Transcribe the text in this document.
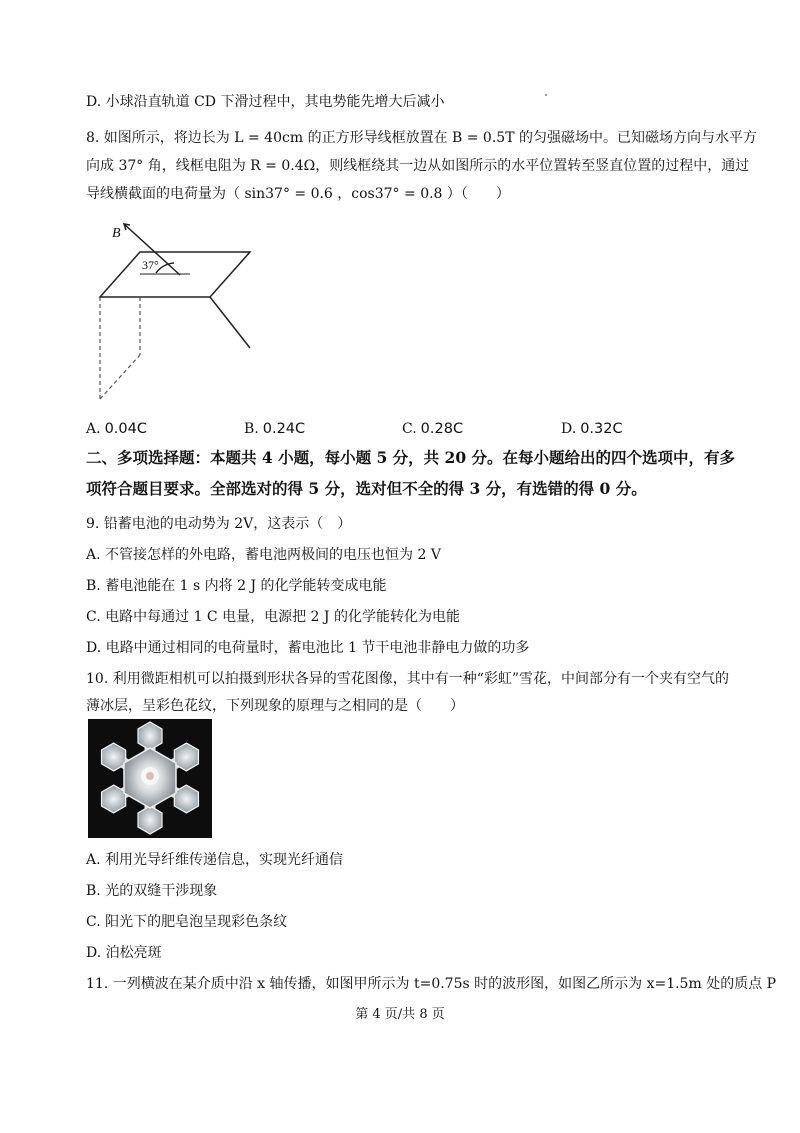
D. 小球沿直轨道 CD 下滑过程中，其电势能先增大后减小
8. 如图所示，将边长为 L = 40cm 的正方形导线框放置在 B = 0.5T 的匀强磁场中。已知磁场方向与水平方
向成 37° 角，线框电阻为 R = 0.4Ω，则线框绕其一边从如图所示的水平位置转至竖直位置的过程中，通过
导线横截面的电荷量为（ sin37° = 0.6 ，cos37° = 0.8 ）（　　）
B
37°
A. 0.04C	B. 0.24C	C. 0.28C	D. 0.32C
二、多项选择题：本题共 4 小题，每小题 5 分，共 20 分。在每小题给出的四个选项中，有多
项符合题目要求。全部选对的得 5 分，选对但不全的得 3 分，有选错的得 0 分。
9. 铅蓄电池的电动势为 2V，这表示（　）
A. 不管接怎样的外电路，蓄电池两极间的电压也恒为 2 V
B. 蓄电池能在 1 s 内将 2 J 的化学能转变成电能
C. 电路中每通过 1 C 电量，电源把 2 J 的化学能转化为电能
D. 电路中通过相同的电荷量时，蓄电池比 1 节干电池非静电力做的功多
10. 利用微距相机可以拍摄到形状各异的雪花图像，其中有一种“彩虹”雪花，中间部分有一个夹有空气的
薄冰层，呈彩色花纹，下列现象的原理与之相同的是（　　）
A. 利用光导纤维传递信息，实现光纤通信
B. 光的双缝干涉现象
C. 阳光下的肥皂泡呈现彩色条纹
D. 泊松亮斑
11. 一列横波在某介质中沿 x 轴传播，如图甲所示为 t=0.75s 时的波形图，如图乙所示为 x=1.5m 处的质点 P
第 4 页/共 8 页
